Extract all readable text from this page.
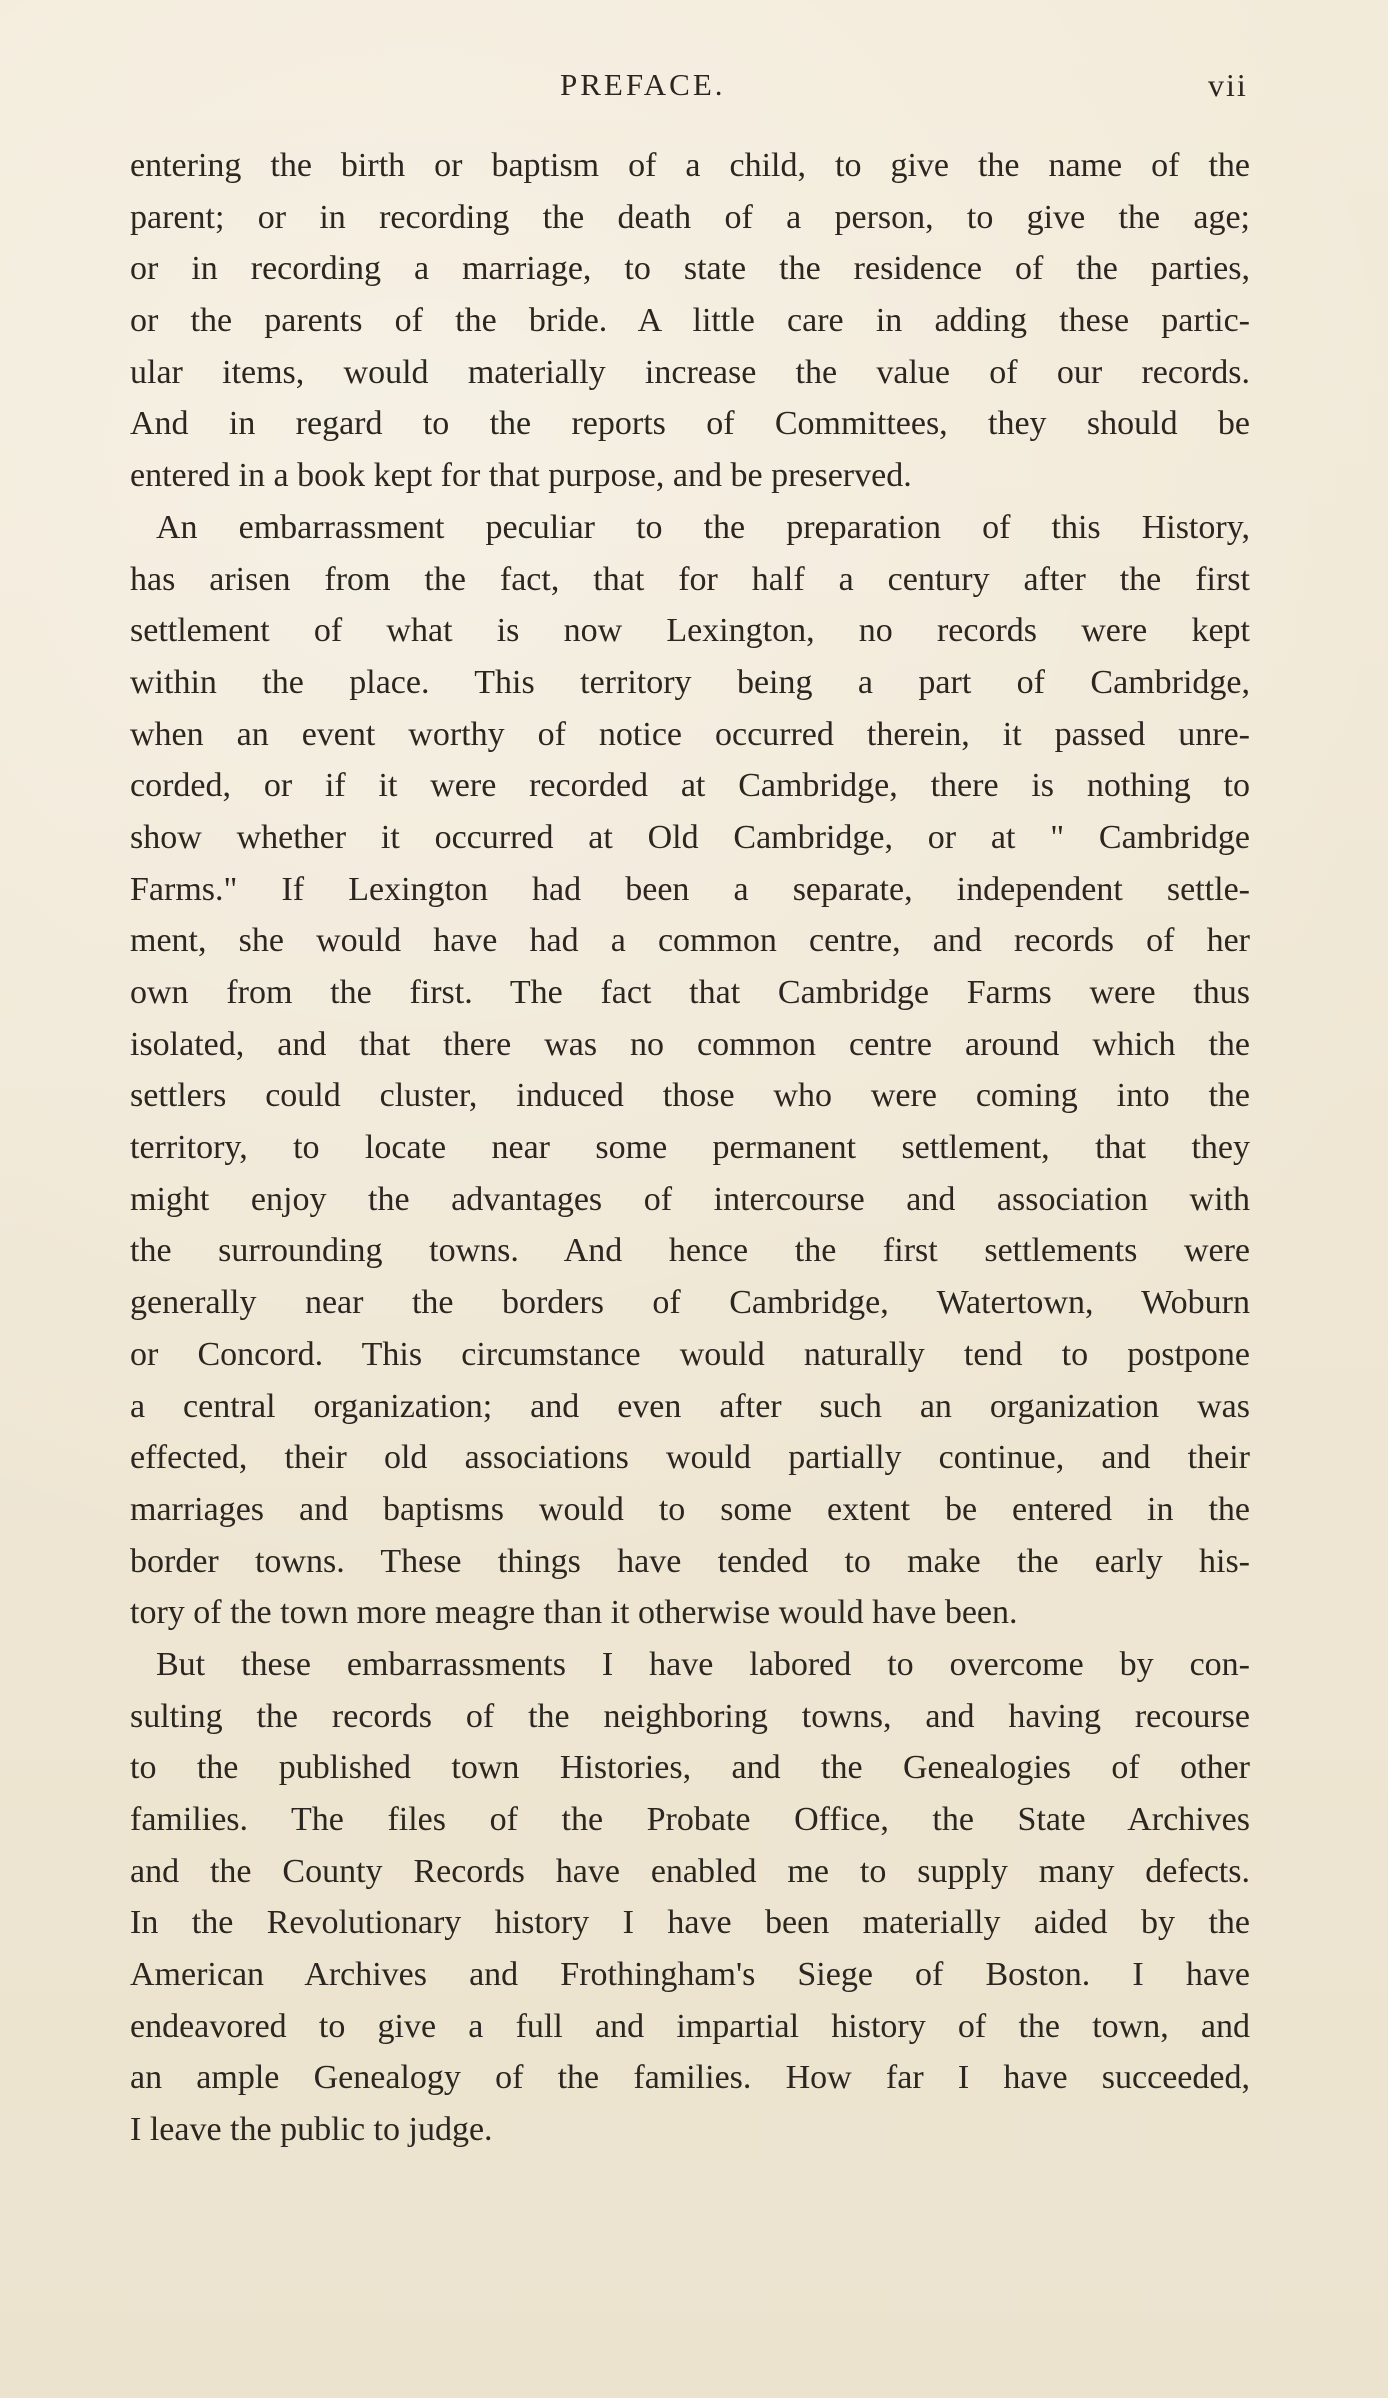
PREFACE.	vii
entering the birth or baptism of a child, to give the name of the
parent; or in recording the death of a person, to give the age;
or in recording a marriage, to state the residence of the parties,
or the parents of the bride. A little care in adding these partic-
ular items, would materially increase the value of our records.
And in regard to the reports of Committees, they should be
entered in a book kept for that purpose, and be preserved.
An embarrassment peculiar to the preparation of this History,
has arisen from the fact, that for half a century after the first
settlement of what is now Lexington, no records were kept
within the place. This territory being a part of Cambridge,
when an event worthy of notice occurred therein, it passed unre-
corded, or if it were recorded at Cambridge, there is nothing to
show whether it occurred at Old Cambridge, or at " Cambridge
Farms." If Lexington had been a separate, independent settle-
ment, she would have had a common centre, and records of her
own from the first. The fact that Cambridge Farms were thus
isolated, and that there was no common centre around which the
settlers could cluster, induced those who were coming into the
territory, to locate near some permanent settlement, that they
might enjoy the advantages of intercourse and association with
the surrounding towns. And hence the first settlements were
generally near the borders of Cambridge, Watertown, Woburn
or Concord. This circumstance would naturally tend to postpone
a central organization; and even after such an organization was
effected, their old associations would partially continue, and their
marriages and baptisms would to some extent be entered in the
border towns. These things have tended to make the early his-
tory of the town more meagre than it otherwise would have been.
But these embarrassments I have labored to overcome by con-
sulting the records of the neighboring towns, and having recourse
to the published town Histories, and the Genealogies of other
families. The files of the Probate Office, the State Archives
and the County Records have enabled me to supply many defects.
In the Revolutionary history I have been materially aided by the
American Archives and Frothingham's Siege of Boston. I have
endeavored to give a full and impartial history of the town, and
an ample Genealogy of the families. How far I have succeeded,
I leave the public to judge.
